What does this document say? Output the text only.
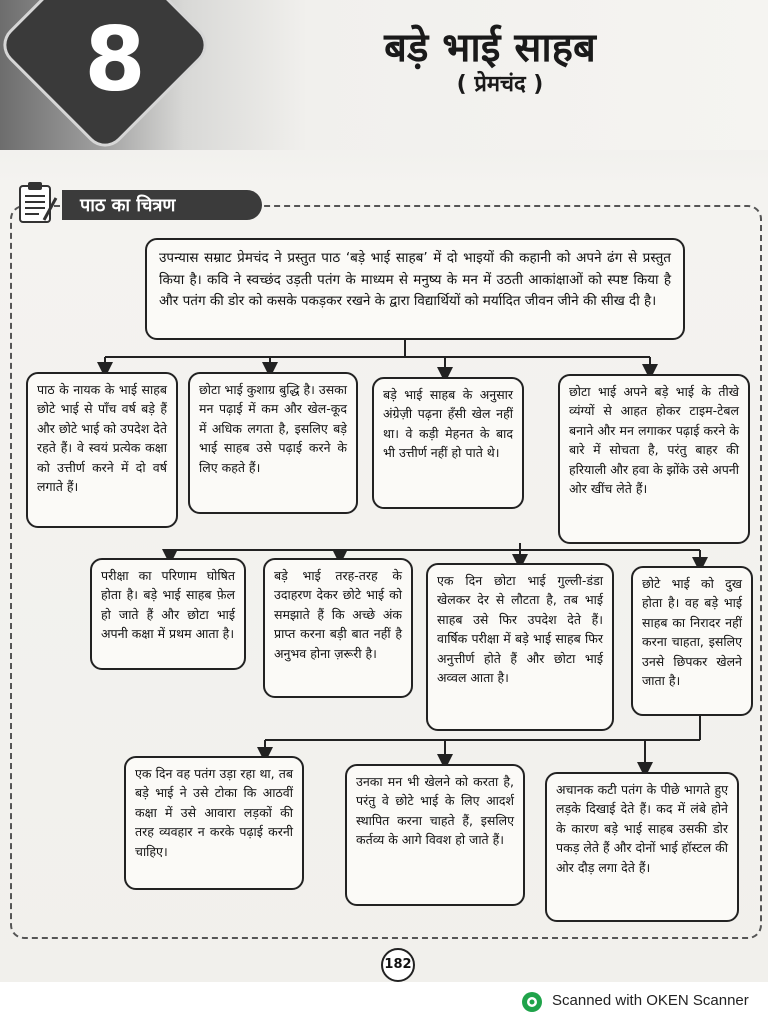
8	बड़े भाई साहब
( प्रेमचंद )
पाठ का चित्रण
उपन्यास सम्राट प्रेमचंद ने प्रस्तुत पाठ ‘बड़े भाई साहब’ में दो भाइयों की कहानी को अपने ढंग से प्रस्तुत किया है। कवि ने स्वच्छंद उड़ती पतंग के माध्यम से मनुष्य के मन में उठती आकांक्षाओं को स्पष्ट किया है और पतंग की डोर को कसके पकड़कर रखने के द्वारा विद्यार्थियों को मर्यादित जीवन जीने की सीख दी है।
पाठ के नायक के भाई साहब छोटे भाई से पाँच वर्ष बड़े हैं और छोटे भाई को उपदेश देते रहते हैं। वे स्वयं प्रत्येक कक्षा को उत्तीर्ण करने में दो वर्ष लगाते हैं।
छोटा भाई कुशाग्र बुद्धि है। उसका मन पढ़ाई में कम और खेल-कूद में अधिक लगता है, इसलिए बड़े भाई साहब उसे पढ़ाई करने के लिए कहते हैं।
बड़े भाई साहब के अनुसार अंग्रेज़ी पढ़ना हँसी खेल नहीं था। वे कड़ी मेहनत के बाद भी उत्तीर्ण नहीं हो पाते थे।
छोटा भाई अपने बड़े भाई के तीखे व्यंग्यों से आहत होकर टाइम-टेबल बनाने और मन लगाकर पढ़ाई करने के बारे में सोचता है, परंतु बाहर की हरियाली और हवा के झोंके उसे अपनी ओर खींच लेते हैं।
परीक्षा का परिणाम घोषित होता है। बड़े भाई साहब फ़ेल हो जाते हैं और छोटा भाई अपनी कक्षा में प्रथम आता है।
बड़े भाई तरह-तरह के उदाहरण देकर छोटे भाई को समझाते हैं कि अच्छे अंक प्राप्त करना बड़ी बात नहीं है अनुभव होना ज़रूरी है।
एक दिन छोटा भाई गुल्ली-डंडा खेलकर देर से लौटता है, तब भाई साहब उसे फिर उपदेश देते हैं। वार्षिक परीक्षा में बड़े भाई साहब फिर अनुत्तीर्ण होते हैं और छोटा भाई अव्वल आता है।
छोटे भाई को दुख होता है। वह बड़े भाई साहब का निरादर नहीं करना चाहता, इसलिए उनसे छिपकर खेलने जाता है।
एक दिन वह पतंग उड़ा रहा था, तब बड़े भाई ने उसे टोका कि आठवीं कक्षा में उसे आवारा लड़कों की तरह व्यवहार न करके पढ़ाई करनी चाहिए।
उनका मन भी खेलने को करता है, परंतु वे छोटे भाई के लिए आदर्श स्थापित करना चाहते हैं, इसलिए कर्तव्य के आगे विवश हो जाते हैं।
अचानक कटी पतंग के पीछे भागते हुए लड़के दिखाई देते हैं। कद में लंबे होने के कारण बड़े भाई साहब उसकी डोर पकड़ लेते हैं और दोनों भाई हॉस्टल की ओर दौड़ लगा देते हैं।
182
Scanned with OKEN Scanner
